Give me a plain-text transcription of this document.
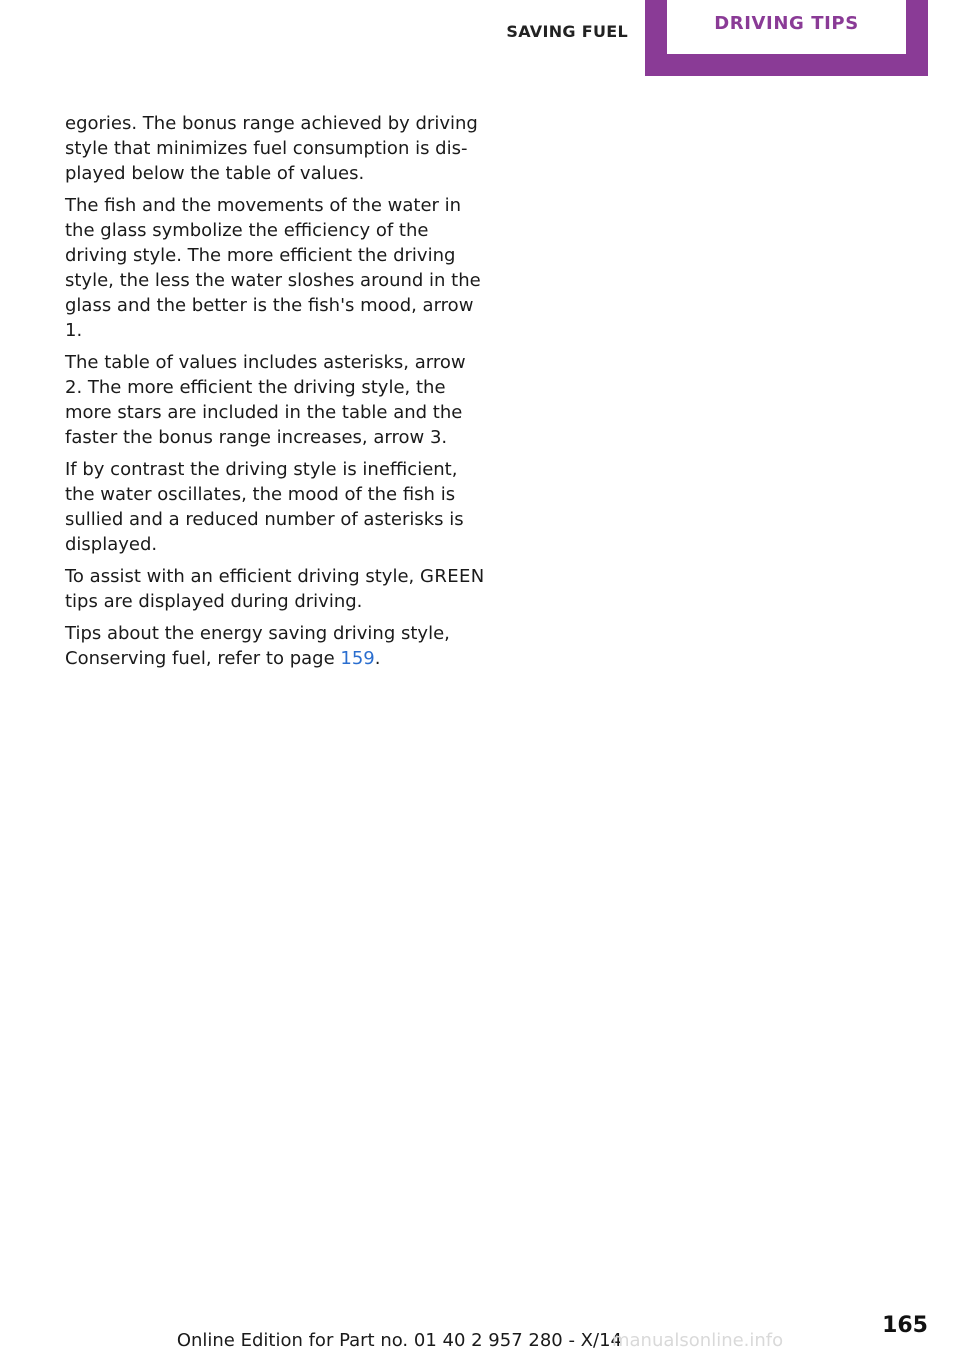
SAVING FUEL	DRIVING TIPS

egories. The bonus range achieved by driving style that minimizes fuel consumption is displayed below the table of values.

The fish and the movements of the water in the glass symbolize the efficiency of the driving style. The more efficient the driving style, the less the water sloshes around in the glass and the better is the fish's mood, arrow 1.

The table of values includes asterisks, arrow 2. The more efficient the driving style, the more stars are included in the table and the faster the bonus range increases, arrow 3.

If by contrast the driving style is inefficient, the water oscillates, the mood of the fish is sullied and a reduced number of asterisks is displayed.

To assist with an efficient driving style, GREEN tips are displayed during driving.

Tips about the energy saving driving style, Conserving fuel, refer to page 159.

165
Online Edition for Part no. 01 40 2 957 280 - X/14manualsonline.info
